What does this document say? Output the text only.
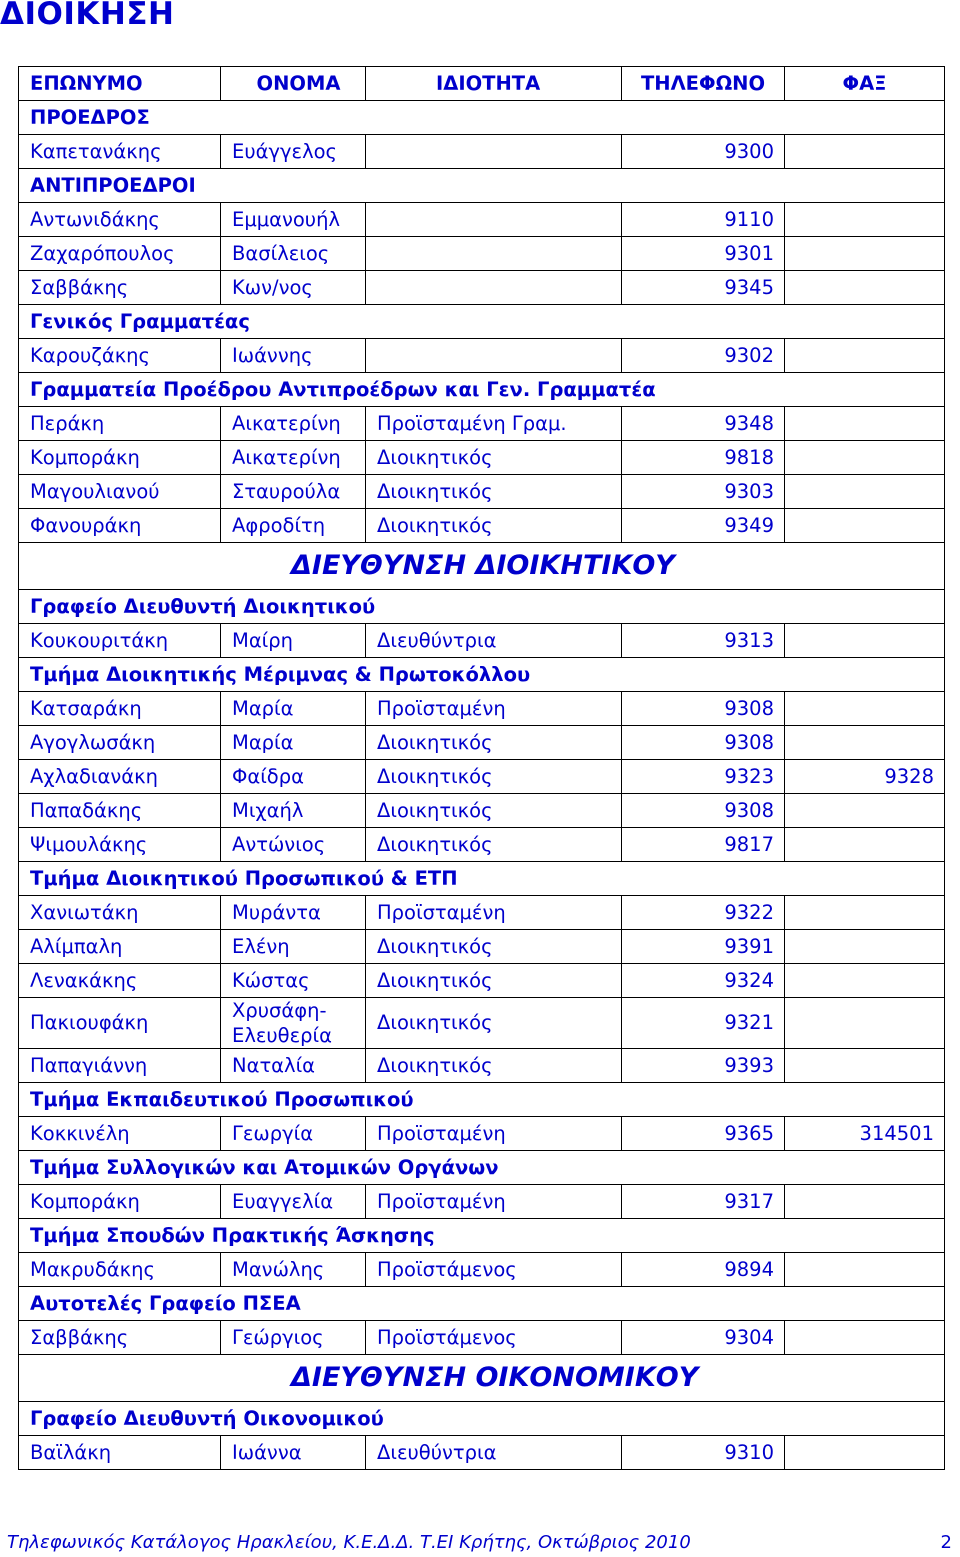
ΔΙΟΙΚΗΣΗ
ΕΠΩΝΥΜΟ	ΟΝΟΜΑ	ΙΔΙΟΤΗΤΑ	ΤΗΛΕΦΩΝΟ	ΦΑΞ
ΠΡΟΕΔΡΟΣ				
Καπετανάκης	Ευάγγελος		9300	
ΑΝΤΙΠΡΟΕΔΡΟΙ				
Αντωνιδάκης	Εμμανουήλ		9110	
Ζαχαρόπουλος	Βασίλειος		9301	
Σαββάκης	Κων/νος		9345	
Γενικός Γραμματέας				
Καρουζάκης	Ιωάννης		9302	
Γραμματεία Προέδρου Αντιπροέδρων και Γεν. Γραμματέα				
Περάκη	Αικατερίνη	Προϊσταμένη Γραμ.	9348	
Κομποράκη	Αικατερίνη	Διοικητικός	9818	
Μαγουλιανού	Σταυρούλα	Διοικητικός	9303	
Φανουράκη	Αφροδίτη	Διοικητικός	9349	
ΔΙΕΥΘΥΝΣΗ ΔΙΟΙΚΗΤΙΚΟΥ				
Γραφείο Διευθυντή Διοικητικού				
Κουκουριτάκη	Μαίρη	Διευθύντρια	9313	
Τμήμα Διοικητικής Μέριμνας & Πρωτοκόλλου				
Κατσαράκη	Μαρία	Προϊσταμένη	9308	
Αγογλωσάκη	Μαρία	Διοικητικός	9308	
Αχλαδιανάκη	Φαίδρα	Διοικητικός	9323	9328
Παπαδάκης	Μιχαήλ	Διοικητικός	9308	
Ψιμουλάκης	Αντώνιος	Διοικητικός	9817	
Τμήμα Διοικητικού Προσωπικού & ΕΤΠ				
Χανιωτάκη	Μυράντα	Προϊσταμένη	9322	
Αλίμπαλη	Ελένη	Διοικητικός	9391	
Λενακάκης	Κώστας	Διοικητικός	9324	
Πακιουφάκη	Χρυσάφη- Ελευθερία	Διοικητικός	9321	
Παπαγιάννη	Ναταλία	Διοικητικός	9393	
Τμήμα Εκπαιδευτικού Προσωπικού				
Κοκκινέλη	Γεωργία	Προϊσταμένη	9365	314501
Τμήμα Συλλογικών και Ατομικών Οργάνων				
Κομποράκη	Ευαγγελία	Προϊσταμένη	9317	
Τμήμα Σπουδών Πρακτικής Άσκησης				
Μακρυδάκης	Μανώλης	Προϊστάμενος	9894	
Αυτοτελές Γραφείο ΠΣΕΑ				
Σαββάκης	Γεώργιος	Προϊστάμενος	9304	
ΔΙΕΥΘΥΝΣΗ ΟΙΚΟΝΟΜΙΚΟΥ				
Γραφείο Διευθυντή Οικονομικού				
Βαϊλάκη	Ιωάννα	Διευθύντρια	9310	
Τηλεφωνικός Κατάλογος Ηρακλείου, Κ.Ε.Δ.Δ. Τ.ΕΙ Κρήτης, Οκτώβριος 2010	2
